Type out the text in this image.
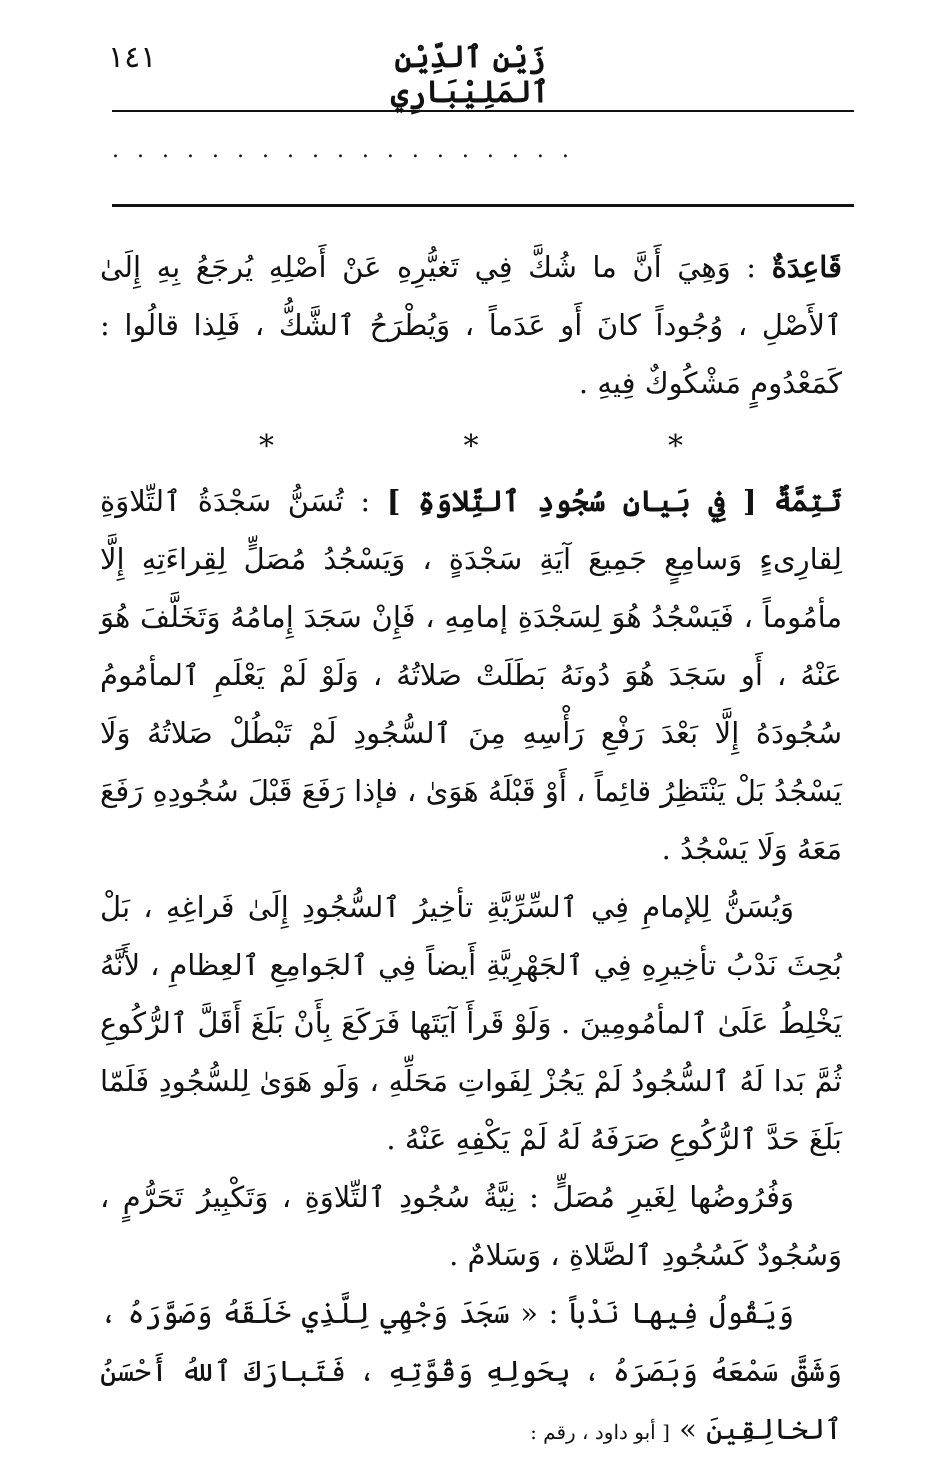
١٤١	زَيْن ٱلدِّيْنِ ٱلمَلِيْبَارِي
...................

قَاعِدَةٌ : وَهِيَ أَنَّ ما شُكَّ فِي تَغيُّرِهِ عَنْ أَصْلِهِ يُرجَعُ بِهِ إِلَىٰ ٱلأَصْلِ ، وُجُوداً كانَ أَو عَدَماً ، وَيُطْرَحُ ٱلشَّكُّ ، فَلِذا قالُوا : كَمَعْدُومٍ مَشْكُوكٌ فِيهِ .

* * *

تَتِمَّةٌ [ فِي بَيانِ سُجُودِ ٱلتِّلاوَةِ ] : تُسَنُّ سَجْدَةُ ٱلتِّلاوَةِ لِقارِىءٍ وَسامِعٍ جَمِيعَ آيَةِ سَجْدَةٍ ، وَيَسْجُدُ مُصَلٍّ لِقِراءَتِهِ إِلَّا مأمُوماً ، فَيَسْجُدُ هُوَ لِسَجْدَةِ إمامِهِ ، فَإِنْ سَجَدَ إِمامُهُ وَتَخَلَّفَ هُوَ عَنْهُ ، أَو سَجَدَ هُوَ دُونَهُ بَطَلَتْ صَلاتُهُ ، وَلَوْ لَمْ يَعْلَمِ ٱلمأمُومُ سُجُودَهُ إِلَّا بَعْدَ رَفْعِ رَأْسِهِ مِنَ ٱلسُّجُودِ لَمْ تَبْطُلْ صَلاتُهُ وَلَا يَسْجُدُ بَلْ يَنْتَظِرُ قائِماً ، أَوْ قَبْلَهُ هَوَىٰ ، فإذا رَفَعَ قَبْلَ سُجُودِهِ رَفَعَ مَعَهُ وَلَا يَسْجُدُ .

وَيُسَنُّ لِلإمامِ فِي ٱلسِّرِّيَّةِ تأخِيرُ ٱلسُّجُودِ إِلَىٰ فَراغِهِ ، بَلْ بُحِثَ نَدْبُ تأخِيرِهِ فِي ٱلجَهْرِيَّةِ أَيضاً فِي ٱلجَوامِعِ ٱلعِظامِ ، لأَنَّهُ يَخْلِطُ عَلَىٰ ٱلمأمُومِينَ . وَلَوْ قَرأَ آيَتَها فَرَكَعَ بِأَنْ بَلَغَ أَقَلَّ ٱلرُّكُوعِ ثُمَّ بَدا لَهُ ٱلسُّجُودُ لَمْ يَجُزْ لِفَواتِ مَحَلِّهِ ، وَلَو هَوَىٰ لِلسُّجُودِ فَلَمّا بَلَغَ حَدَّ ٱلرُّكُوعِ صَرَفَهُ لَهُ لَمْ يَكْفِهِ عَنْهُ .

وَفُرُوضُها لِغَيرِ مُصَلٍّ : نِيَّةُ سُجُودِ ٱلتِّلاوَةِ ، وَتَكْبِيرُ تَحَرُّمٍ ، وَسُجُودٌ كَسُجُودِ ٱلصَّلاةِ ، وَسَلامٌ .

وَيَقُولُ فِيها نَدْباً : « سَجَدَ وَجْهِي لِلَّذِي خَلَقَهُ وَصَوَّرَهُ ، وَشَقَّ سَمْعَهُ وَبَصَرَهُ ، بِحَولِهِ وَقُوَّتِهِ ، فَتَبارَكَ ٱللهُ أَحْسَنُ ٱلخالِقِينَ » [ أبو داود ، رقم :
